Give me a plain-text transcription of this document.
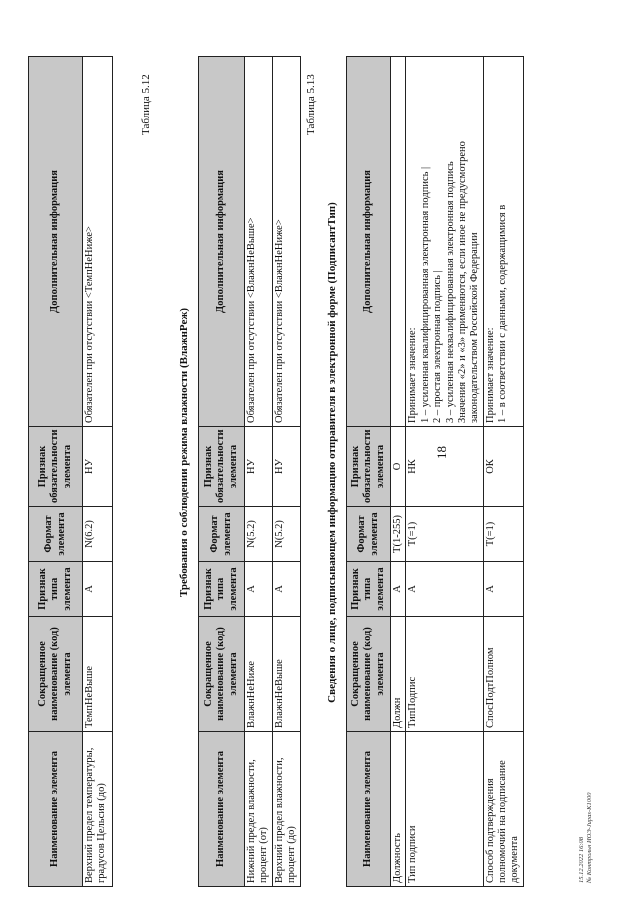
18
Наименование элемента	Сокращенное наименование (код) элемента	Признак типа элемента	Формат элемента	Признак обязательности элемента	Дополнительная информация
Верхний предел температуры, градусов Цельсия (до)	ТемпНеВыше	А	N(6.2)	НУ	Обязателен при отсутствии <ТемпНеНиже>
Таблица 5.12
Требования о соблюдении режима влажности (ВлажнРеж)
Наименование элемента	Сокращенное наименование (код) элемента	Признак типа элемента	Формат элемента	Признак обязательности элемента	Дополнительная информация
Нижний предел влажности, процент (от)	ВлажнНеНиже	А	N(5.2)	НУ	Обязателен при отсутствии <ВлажнНеВыше>
Верхний предел влажности, процент (до)	ВлажнНеВыше	А	N(5.2)	НУ	Обязателен при отсутствии <ВлажнНеНиже>
Таблица 5.13
Сведения о лице, подписывающем информацию отправителя в электронной форме (ПодписантТип)
Наименование элемента	Сокращенное наименование (код) элемента	Признак типа элемента	Формат элемента	Признак обязательности элемента	Дополнительная информация
Должность	Должн	А	T(1-255)	О	
Тип подписи	ТипПодпис	А	T(=1)	НК	Принимает значение: 1 – усиленная квалифицированная электронная подпись | 2 – простая электронная подпись | 3 – усиленная неквалифицированная электронная подпись Значения «2» и «3» применяются, если иное не предусмотрено законодательством Российской Федерации

Способ подтверждения полномочий на подписание документа	СпосПодтПолном	А	T(=1)	ОК	Принимает значение: 1 – в соответствии с данными, содержащимися в
15.12.2022 16:08 № Контрольн ИОЭ-Jupas-K1000
